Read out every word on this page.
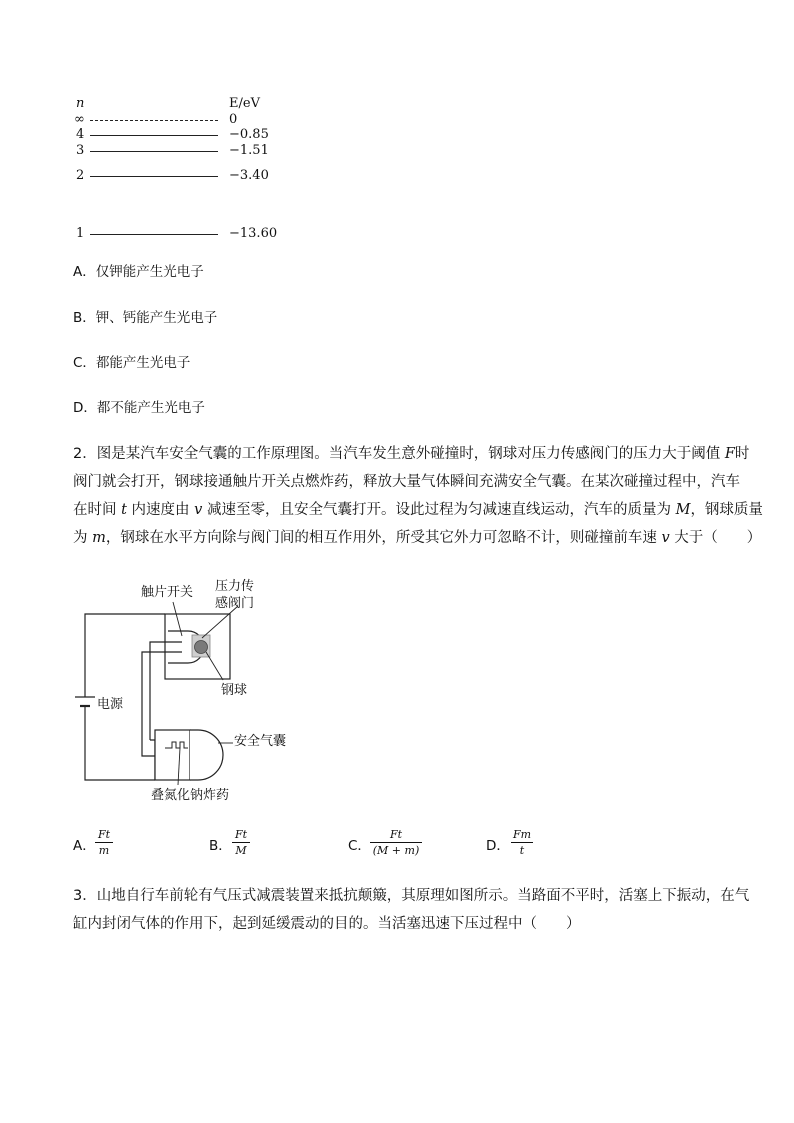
n	E/eV
∞	0
4	−0.85
3	−1.51
2	−3.40
1	−13.60
A．仅钾能产生光电子
B．钾、钙能产生光电子
C．都能产生光电子
D．都不能产生光电子
2．图是某汽车安全气囊的工作原理图。当汽车发生意外碰撞时，钢球对压力传感阀门的压力大于阈值 F时
阀门就会打开，钢球接通触片开关点燃炸药，释放大量气体瞬间充满安全气囊。在某次碰撞过程中，汽车
在时间 t 内速度由 v 减速至零，且安全气囊打开。设此过程为匀减速直线运动，汽车的质量为 M，钢球质量
为 m，钢球在水平方向除与阀门间的相互作用外，所受其它外力可忽略不计，则碰撞前车速 v 大于（　　）
触片开关 压力传
感阀门
钢球
电源
安全气囊
叠氮化钠炸药
A．
Ft
m	B．
Ft
M	C．
Ft
(M + m)	D．
Fm
t
3．山地自行车前轮有气压式减震装置来抵抗颠簸，其原理如图所示。当路面不平时，活塞上下振动，在气
缸内封闭气体的作用下，起到延缓震动的目的。当活塞迅速下压过程中（　　）
